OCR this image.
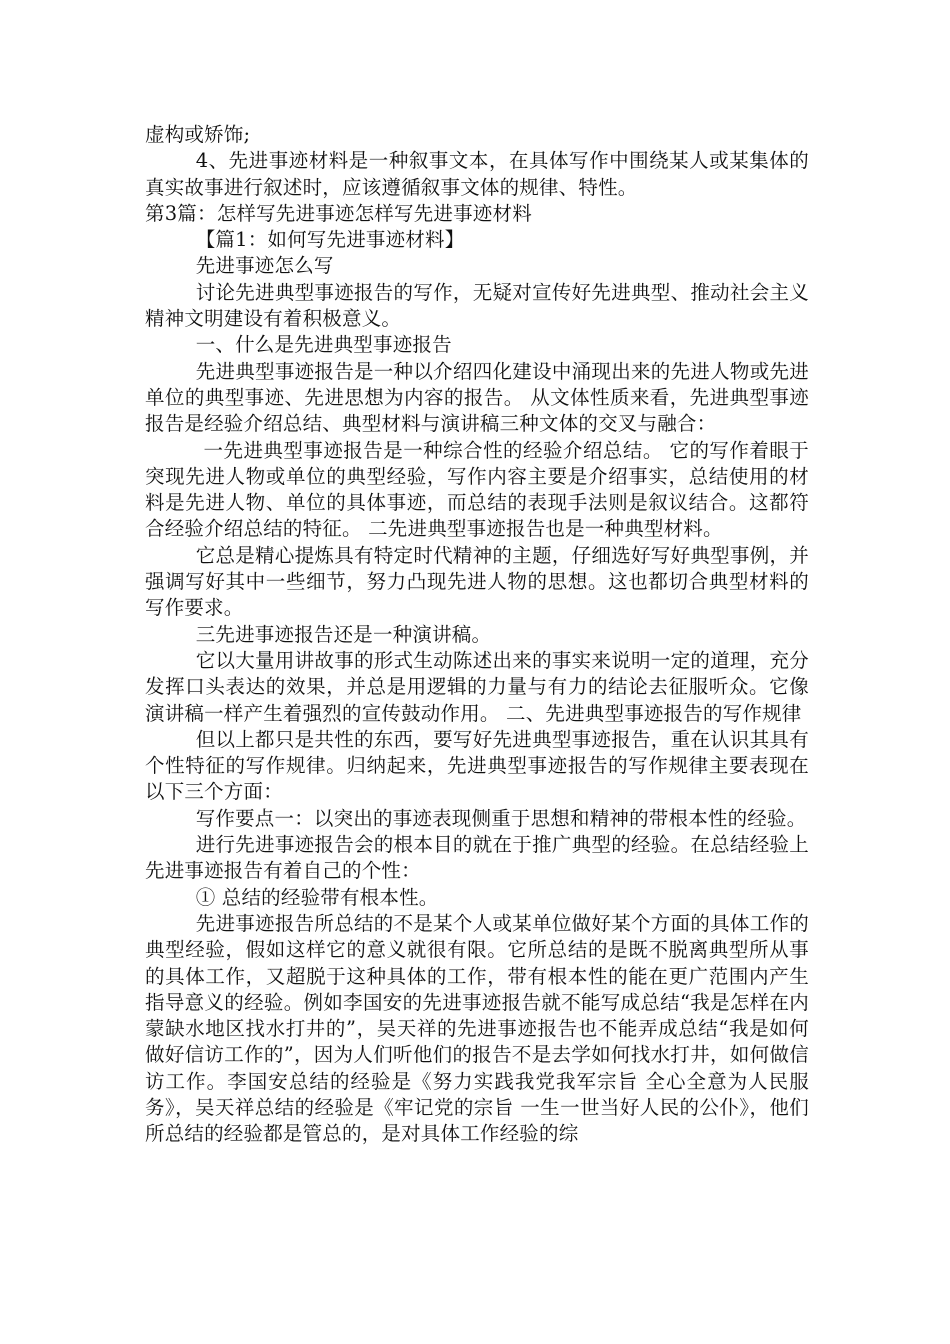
虚构或矫饰;

4、先进事迹材料是一种叙事文本，在具体写作中围绕某人或某集体的真实故事进行叙述时，应该遵循叙事文体的规律、特性。

第3篇：怎样写先进事迹怎样写先进事迹材料

【篇1：如何写先进事迹材料】

先进事迹怎么写

讨论先进典型事迹报告的写作，无疑对宣传好先进典型、推动社会主义精神文明建设有着积极意义。

一、什么是先进典型事迹报告

先进典型事迹报告是一种以介绍四化建设中涌现出来的先进人物或先进单位的典型事迹、先进思想为内容的报告。 从文体性质来看，先进典型事迹报告是经验介绍总结、典型材料与演讲稿三种文体的交叉与融合：

一先进典型事迹报告是一种综合性的经验介绍总结。 它的写作着眼于突现先进人物或单位的典型经验，写作内容主要是介绍事实，总结使用的材料是先进人物、单位的具体事迹，而总结的表现手法则是叙议结合。这都符合经验介绍总结的特征。 二先进典型事迹报告也是一种典型材料。

它总是精心提炼具有特定时代精神的主题，仔细选好写好典型事例，并强调写好其中一些细节，努力凸现先进人物的思想。这也都切合典型材料的写作要求。

三先进事迹报告还是一种演讲稿。

它以大量用讲故事的形式生动陈述出来的事实来说明一定的道理，充分发挥口头表达的效果，并总是用逻辑的力量与有力的结论去征服听众。它像演讲稿一样产生着强烈的宣传鼓动作用。 二、先进典型事迹报告的写作规律

但以上都只是共性的东西，要写好先进典型事迹报告，重在认识其具有个性特征的写作规律。归纳起来，先进典型事迹报告的写作规律主要表现在以下三个方面：

写作要点一：以突出的事迹表现侧重于思想和精神的带根本性的经验。

进行先进事迹报告会的根本目的就在于推广典型的经验。在总结经验上先进事迹报告有着自己的个性：

① 总结的经验带有根本性。

先进事迹报告所总结的不是某个人或某单位做好某个方面的具体工作的典型经验，假如这样它的意义就很有限。它所总结的是既不脱离典型所从事的具体工作，又超脱于这种具体的工作，带有根本性的能在更广范围内产生指导意义的经验。例如李国安的先进事迹报告就不能写成总结“我是怎样在内蒙缺水地区找水打井的”，吴天祥的先进事迹报告也不能弄成总结“我是如何做好信访工作的”，因为人们听他们的报告不是去学如何找水打井，如何做信访工作。李国安总结的经验是《努力实践我党我军宗旨 全心全意为人民服务》，吴天祥总结的经验是《牢记党的宗旨 一生一世当好人民的公仆》，他们所总结的经验都是管总的，是对具体工作经验的综
